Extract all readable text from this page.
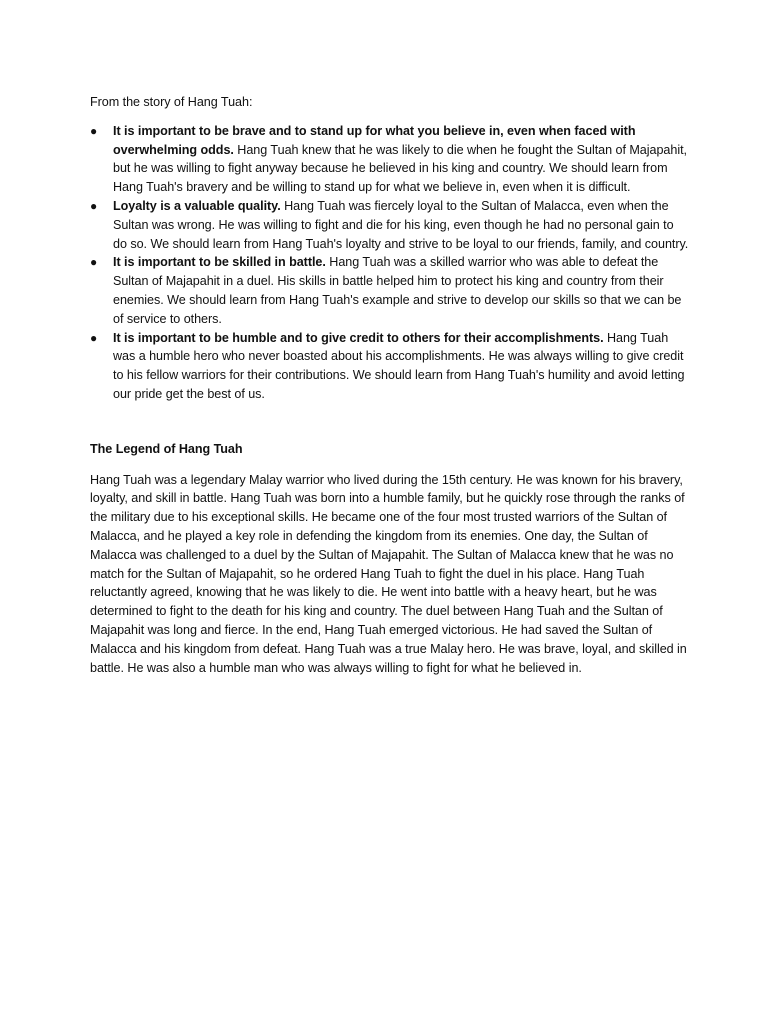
From the story of Hang Tuah:

● It is important to be brave and to stand up for what you believe in, even when faced with overwhelming odds. Hang Tuah knew that he was likely to die when he fought the Sultan of Majapahit, but he was willing to fight anyway because he believed in his king and country. We should learn from Hang Tuah's bravery and be willing to stand up for what we believe in, even when it is difficult.
● Loyalty is a valuable quality. Hang Tuah was fiercely loyal to the Sultan of Malacca, even when the Sultan was wrong. He was willing to fight and die for his king, even though he had no personal gain to do so. We should learn from Hang Tuah's loyalty and strive to be loyal to our friends, family, and country.
● It is important to be skilled in battle. Hang Tuah was a skilled warrior who was able to defeat the Sultan of Majapahit in a duel. His skills in battle helped him to protect his king and country from their enemies. We should learn from Hang Tuah's example and strive to develop our skills so that we can be of service to others.
● It is important to be humble and to give credit to others for their accomplishments. Hang Tuah was a humble hero who never boasted about his accomplishments. He was always willing to give credit to his fellow warriors for their contributions. We should learn from Hang Tuah's humility and avoid letting our pride get the best of us.

The Legend of Hang Tuah

Hang Tuah was a legendary Malay warrior who lived during the 15th century. He was known for his bravery, loyalty, and skill in battle. Hang Tuah was born into a humble family, but he quickly rose through the ranks of the military due to his exceptional skills. He became one of the four most trusted warriors of the Sultan of Malacca, and he played a key role in defending the kingdom from its enemies. One day, the Sultan of Malacca was challenged to a duel by the Sultan of Majapahit. The Sultan of Malacca knew that he was no match for the Sultan of Majapahit, so he ordered Hang Tuah to fight the duel in his place. Hang Tuah reluctantly agreed, knowing that he was likely to die. He went into battle with a heavy heart, but he was determined to fight to the death for his king and country. The duel between Hang Tuah and the Sultan of Majapahit was long and fierce. In the end, Hang Tuah emerged victorious. He had saved the Sultan of Malacca and his kingdom from defeat. Hang Tuah was a true Malay hero. He was brave, loyal, and skilled in battle. He was also a humble man who was always willing to fight for what he believed in.
